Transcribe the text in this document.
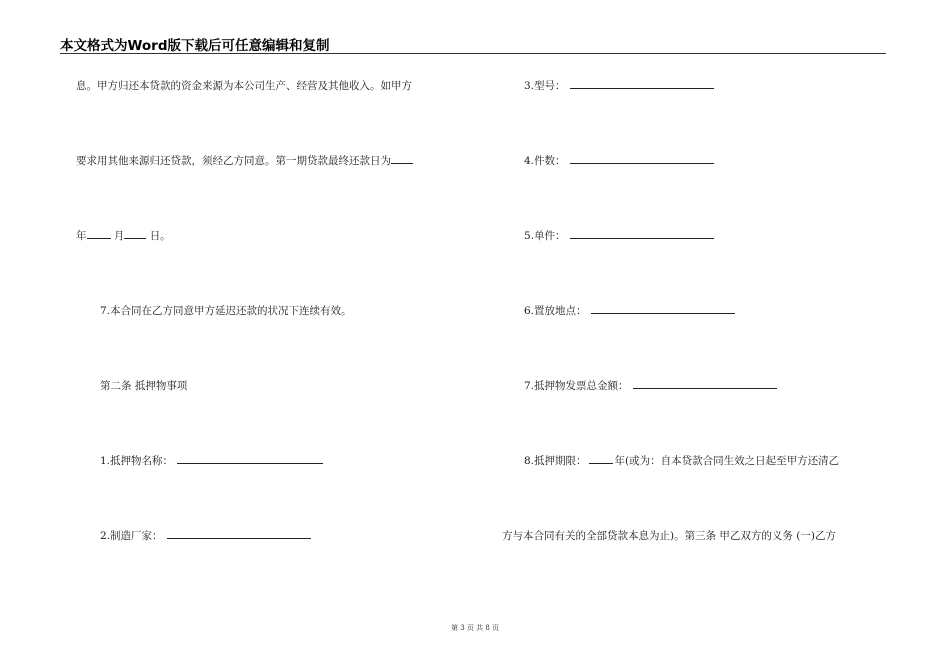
本文格式为Word版下载后可任意编辑和复制
息。甲方归还本贷款的资金来源为本公司生产、经营及其他收入。如甲方
要求用其他来源归还贷款，须经乙方同意。第一期贷款最终还款日为
年	月 日。
7.本合同在乙方同意甲方延迟还款的状况下连续有效。
第二条 抵押物事项
1.抵押物名称：
2.制造厂家：
3.型号：
4.件数：
5.单件：
6.置放地点：
7.抵押物发票总金额：
8.抵押期限：	年(或为：自本贷款合同生效之日起至甲方还清乙
方与本合同有关的全部贷款本息为止)。第三条 甲乙双方的义务 (一)乙方
第 3 页 共 8 页
